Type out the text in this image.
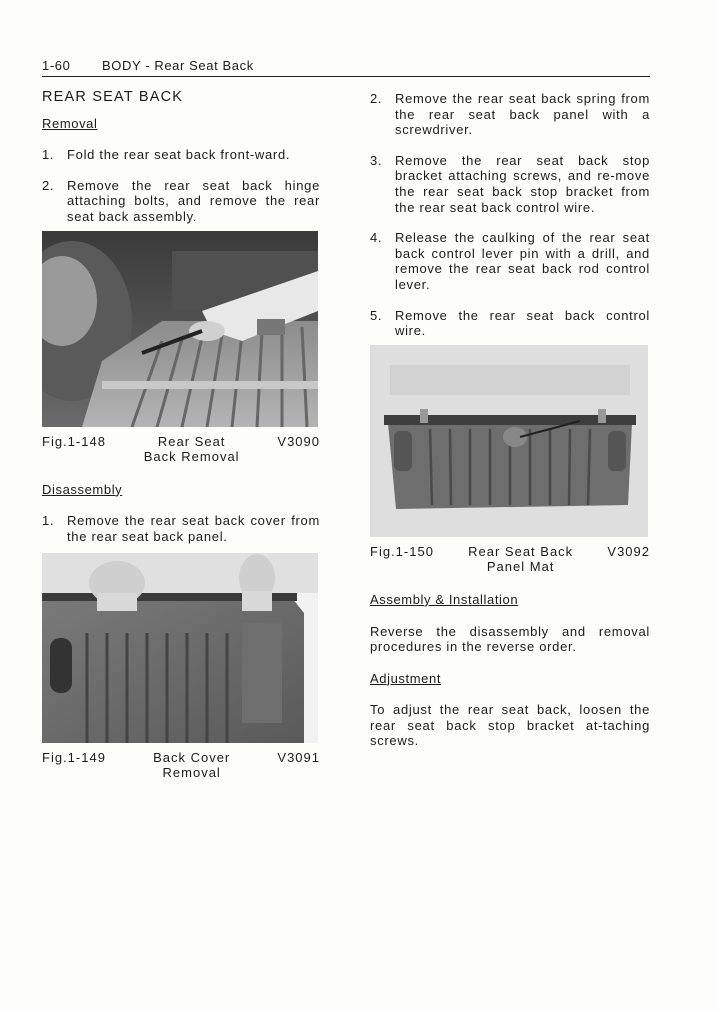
1-60 BODY - Rear Seat Back
REAR SEAT BACK
Removal
1. Fold the rear seat back front-ward.
2. Remove the rear seat back hinge attaching bolts, and remove the rear seat back assembly.
Fig.1-148	Rear Seat
Back Removal
V3090
Disassembly
1. Remove the rear seat back cover from the rear seat back panel.
Fig.1-149	Back Cover
Removal
V3091
2. Remove the rear seat back spring from the rear seat back panel with a screwdriver.
3. Remove the rear seat back stop bracket attaching screws, and re-move the rear seat back stop bracket from the rear seat back control wire.
4. Release the caulking of the rear seat back control lever pin with a drill, and remove the rear seat back rod control lever.
5. Remove the rear seat back control wire.
Fig.1-150	Rear Seat Back
Panel Mat
V3092
Assembly & Installation

Reverse the disassembly and removal procedures in the reverse order.

Adjustment

To adjust the rear seat back, loosen the rear seat back stop bracket at-taching screws.
